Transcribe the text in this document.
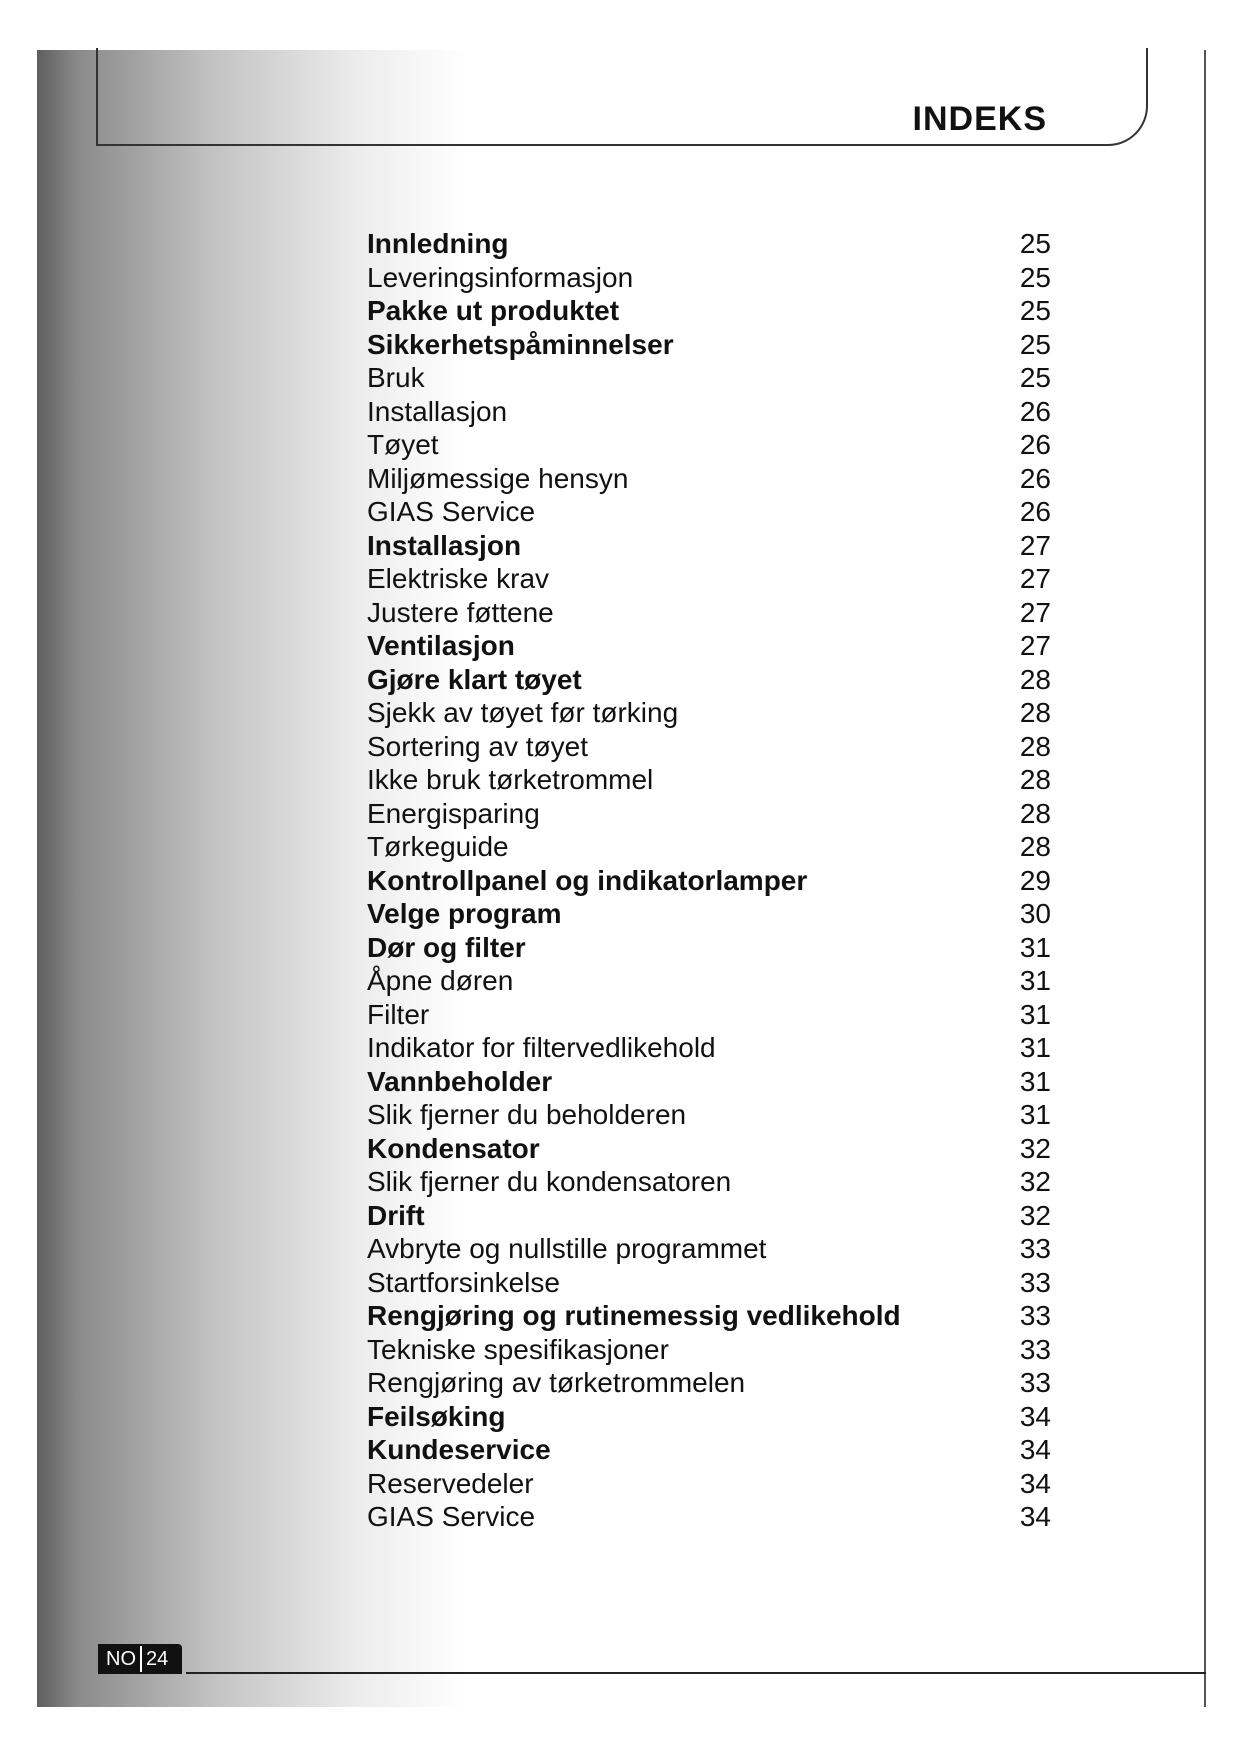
INDEKS
Innledning	25
Leveringsinformasjon	25
Pakke ut produktet	25
Sikkerhetspåminnelser	25
Bruk	25
Installasjon	26
Tøyet	26
Miljømessige hensyn	26
GIAS Service	26
Installasjon	27
Elektriske krav	27
Justere føttene	27
Ventilasjon	27
Gjøre klart tøyet	28
Sjekk av tøyet før tørking	28
Sortering av tøyet	28
Ikke bruk tørketrommel	28
Energisparing	28
Tørkeguide	28
Kontrollpanel og indikatorlamper	29
Velge program	30
Dør og filter	31
Åpne døren	31
Filter	31
Indikator for filtervedlikehold	31
Vannbeholder	31
Slik fjerner du beholderen	31
Kondensator	32
Slik fjerner du kondensatoren	32
Drift	32
Avbryte og nullstille programmet	33
Startforsinkelse	33
Rengjøring og rutinemessig vedlikehold	33
Tekniske spesifikasjoner	33
Rengjøring av tørketrommelen	33
Feilsøking	34
Kundeservice	34
Reservedeler	34
GIAS Service	34
NO 24
